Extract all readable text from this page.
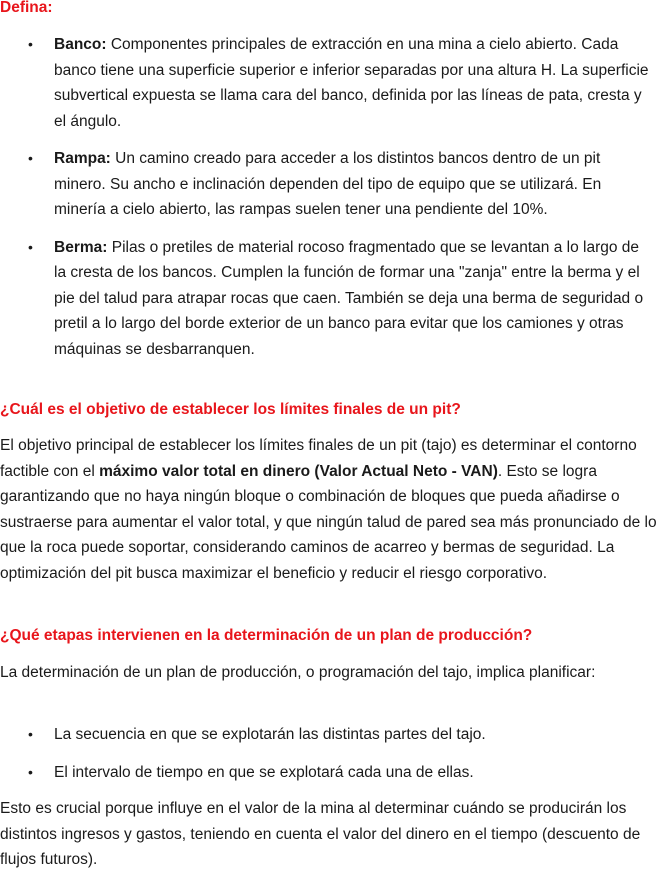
Defina:

• Banco: Componentes principales de extracción en una mina a cielo abierto. Cada banco tiene una superficie superior e inferior separadas por una altura H. La superficie subvertical expuesta se llama cara del banco, definida por las líneas de pata, cresta y el ángulo.
• Rampa: Un camino creado para acceder a los distintos bancos dentro de un pit minero. Su ancho e inclinación dependen del tipo de equipo que se utilizará. En minería a cielo abierto, las rampas suelen tener una pendiente del 10%.
• Berma: Pilas o pretiles de material rocoso fragmentado que se levantan a lo largo de la cresta de los bancos. Cumplen la función de formar una "zanja" entre la berma y el pie del talud para atrapar rocas que caen. También se deja una berma de seguridad o pretil a lo largo del borde exterior de un banco para evitar que los camiones y otras máquinas se desbarranquen.

¿Cuál es el objetivo de establecer los límites finales de un pit?

El objetivo principal de establecer los límites finales de un pit (tajo) es determinar el contorno factible con el máximo valor total en dinero (Valor Actual Neto - VAN). Esto se logra garantizando que no haya ningún bloque o combinación de bloques que pueda añadirse o sustraerse para aumentar el valor total, y que ningún talud de pared sea más pronunciado de lo que la roca puede soportar, considerando caminos de acarreo y bermas de seguridad. La optimización del pit busca maximizar el beneficio y reducir el riesgo corporativo.

¿Qué etapas intervienen en la determinación de un plan de producción?

La determinación de un plan de producción, o programación del tajo, implica planificar:

• La secuencia en que se explotarán las distintas partes del tajo.
• El intervalo de tiempo en que se explotará cada una de ellas.

Esto es crucial porque influye en el valor de la mina al determinar cuándo se producirán los distintos ingresos y gastos, teniendo en cuenta el valor del dinero en el tiempo (descuento de flujos futuros).
